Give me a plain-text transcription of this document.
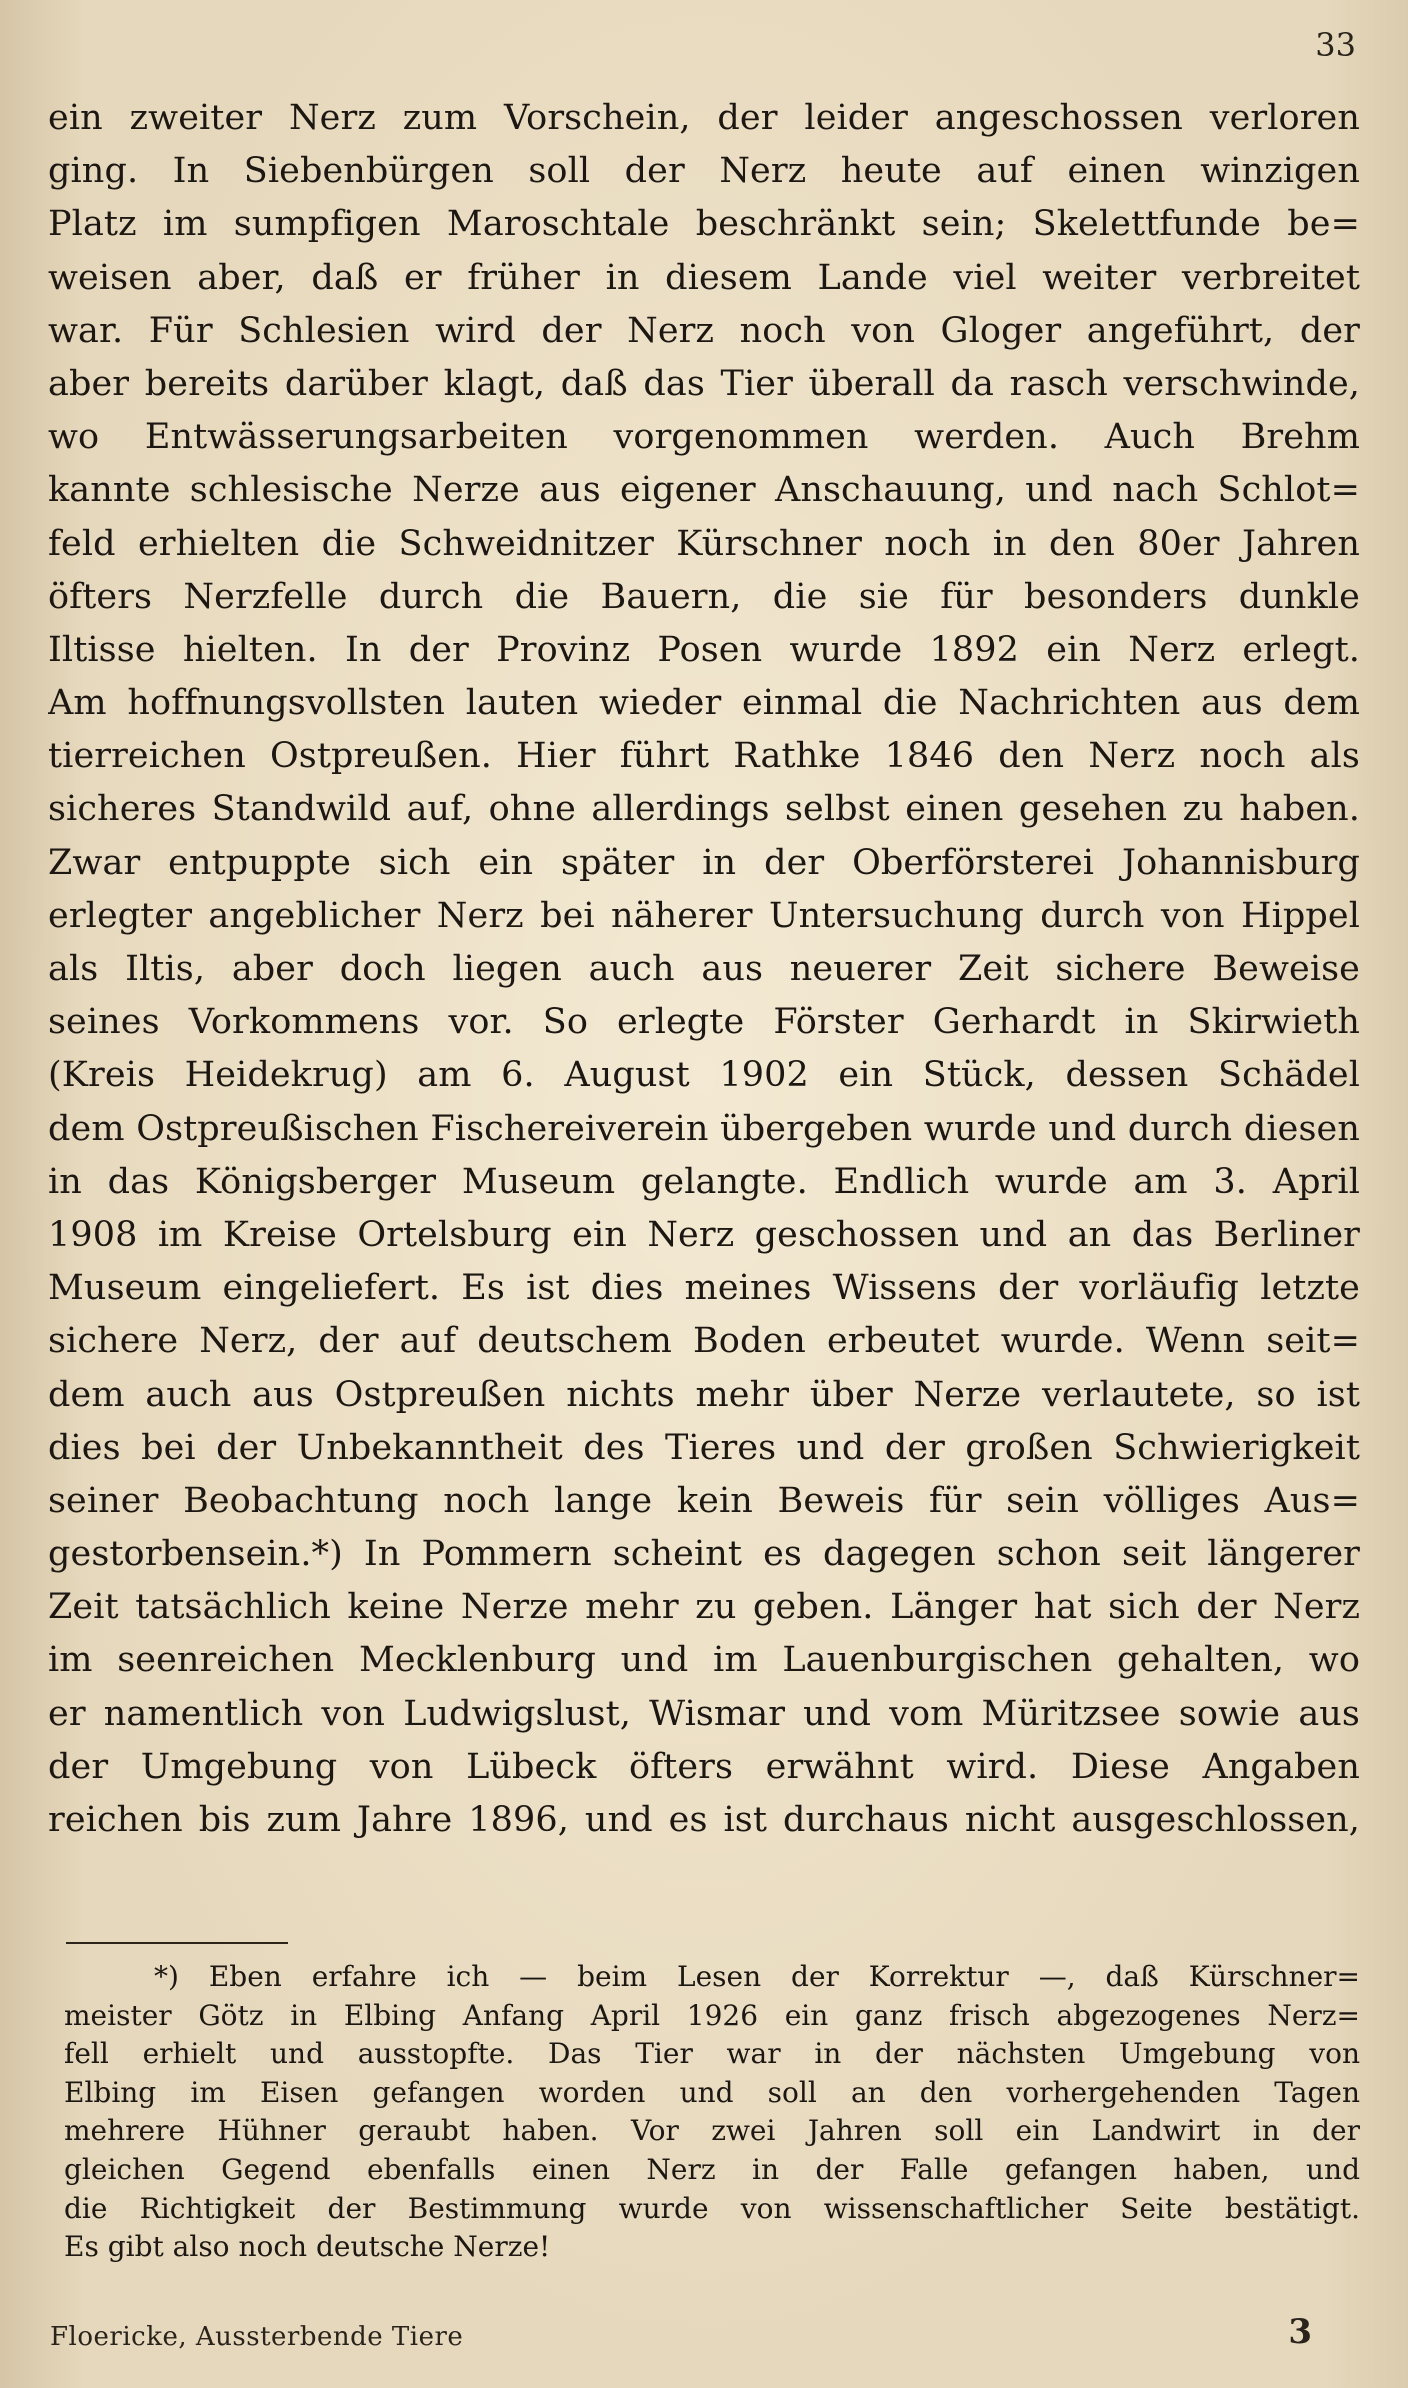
33
ein zweiter Nerz zum Vorschein, der leider angeschossen verloren
ging. In Siebenbürgen soll der Nerz heute auf einen winzigen
Platz im sumpfigen Maroschtale beschränkt sein; Skelettfunde be=
weisen aber, daß er früher in diesem Lande viel weiter verbreitet
war. Für Schlesien wird der Nerz noch von Gloger angeführt, der
aber bereits darüber klagt, daß das Tier überall da rasch verschwinde,
wo Entwässerungsarbeiten vorgenommen werden. Auch Brehm
kannte schlesische Nerze aus eigener Anschauung, und nach Schlot=
feld erhielten die Schweidnitzer Kürschner noch in den 80er Jahren
öfters Nerzfelle durch die Bauern, die sie für besonders dunkle
Iltisse hielten. In der Provinz Posen wurde 1892 ein Nerz erlegt.
Am hoffnungsvollsten lauten wieder einmal die Nachrichten aus dem
tierreichen Ostpreußen. Hier führt Rathke 1846 den Nerz noch als
sicheres Standwild auf, ohne allerdings selbst einen gesehen zu haben.
Zwar entpuppte sich ein später in der Oberförsterei Johannisburg
erlegter angeblicher Nerz bei näherer Untersuchung durch von Hippel
als Iltis, aber doch liegen auch aus neuerer Zeit sichere Beweise
seines Vorkommens vor. So erlegte Förster Gerhardt in Skirwieth
(Kreis Heidekrug) am 6. August 1902 ein Stück, dessen Schädel
dem Ostpreußischen Fischereiverein übergeben wurde und durch diesen
in das Königsberger Museum gelangte. Endlich wurde am 3. April
1908 im Kreise Ortelsburg ein Nerz geschossen und an das Berliner
Museum eingeliefert. Es ist dies meines Wissens der vorläufig letzte
sichere Nerz, der auf deutschem Boden erbeutet wurde. Wenn seit=
dem auch aus Ostpreußen nichts mehr über Nerze verlautete, so ist
dies bei der Unbekanntheit des Tieres und der großen Schwierigkeit
seiner Beobachtung noch lange kein Beweis für sein völliges Aus=
gestorbensein.*) In Pommern scheint es dagegen schon seit längerer
Zeit tatsächlich keine Nerze mehr zu geben. Länger hat sich der Nerz
im seenreichen Mecklenburg und im Lauenburgischen gehalten, wo
er namentlich von Ludwigslust, Wismar und vom Müritzsee sowie aus
der Umgebung von Lübeck öfters erwähnt wird. Diese Angaben
reichen bis zum Jahre 1896, und es ist durchaus nicht ausgeschlossen,
*) Eben erfahre ich — beim Lesen der Korrektur —, daß Kürschner=
meister Götz in Elbing Anfang April 1926 ein ganz frisch abgezogenes Nerz=
fell erhielt und ausstopfte. Das Tier war in der nächsten Umgebung von
Elbing im Eisen gefangen worden und soll an den vorhergehenden Tagen
mehrere Hühner geraubt haben. Vor zwei Jahren soll ein Landwirt in der
gleichen Gegend ebenfalls einen Nerz in der Falle gefangen haben, und
die Richtigkeit der Bestimmung wurde von wissenschaftlicher Seite bestätigt.
Es gibt also noch deutsche Nerze!
Floericke, Aussterbende Tiere	3
